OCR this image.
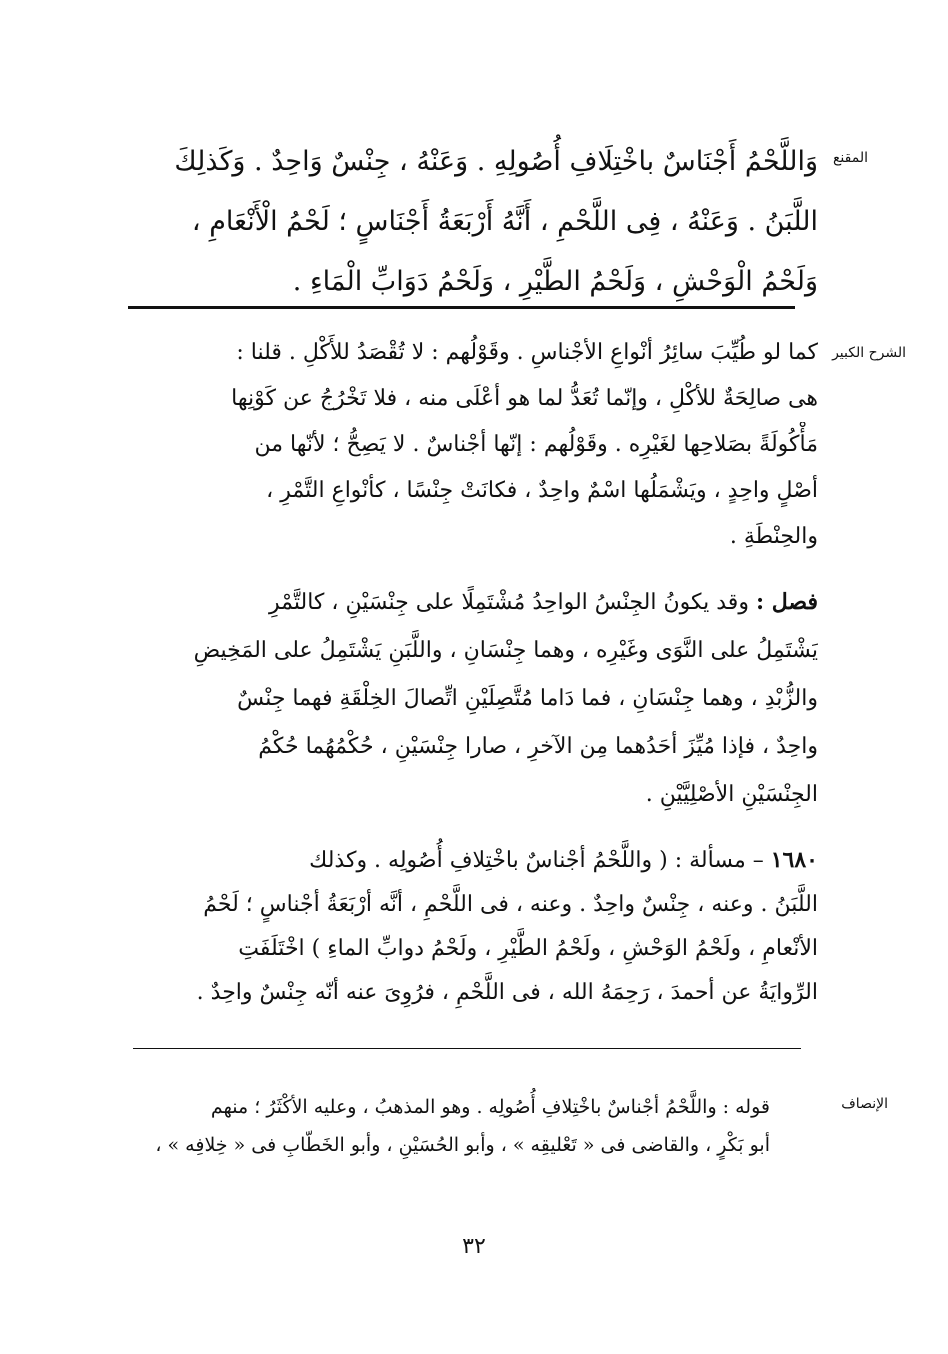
المقنع
وَاللَّحْمُ أَجْنَاسٌ باخْتِلَافِ أُصُولِهِ . وَعَنْهُ ، جِنْسٌ وَاحِدٌ . وَكَذلِكَ
اللَّبَنُ . وَعَنْهُ ، فِى اللَّحْمِ ، أَنَّهُ أَرْبَعَةُ أَجْنَاسٍ ؛ لَحْمُ الْأَنْعَامِ ،
وَلَحْمُ الْوَحْشِ ، وَلَحْمُ الطَّيْرِ ، وَلَحْمُ دَوَابِّ الْمَاءِ .
الشرح الكبير
كما لو طُيِّبَ سائِرُ أنْواعِ الأجْناسِ . وقَوْلُهم : لا تُقْصَدُ للأَكْلِ . قلنا :
هى صالِحَةٌ للأكْلِ ، وإنّما تُعَدُّ لما هو أعْلَى منه ، فلا تَخْرُجُ عن كَوْنِها
مَأْكُولَةً بصَلاحِها لغَيْرِه . وقَوْلُهم : إنّها أجْناسٌ . لا يَصِحُّ ؛ لأنّها من
أصْلٍ واحِدٍ ، ويَشْمَلُها اسْمٌ واحِدٌ ، فكانَتْ جِنْسًا ، كأنْواعِ التَّمْرِ ،
والحِنْطَةِ .
فصل : وقد يكونُ الجِنْسُ الواحِدُ مُشْتَمِلًا على جِنْسَيْنِ ، كالتَّمْرِ
يَشْتَمِلُ على النَّوَى وغَيْرِه ، وهما جِنْسَانِ ، واللَّبَنِ يَشْتَمِلُ على المَخِيضِ
والزُّبْدِ ، وهما جِنْسَانِ ، فما دَاما مُتَّصِلَيْنِ اتِّصالَ الخِلْقَةِ فهما جِنْسٌ
واحِدٌ ، فإذا مُيِّزَ أحَدُهما مِن الآخرِ ، صارا جِنْسَيْنِ ، حُكْمُهُما حُكْمُ
الجِنْسَيْنِ الأصْلِيَّيْنِ .
١٦٨٠ – مسألة : ( واللَّحْمُ أجْناسٌ باخْتِلافِ أُصُولِه . وكذلك
اللَّبَنُ . وعنه ، جِنْسٌ واحِدٌ . وعنه ، فى اللَّحْمِ ، أنَّه أرْبَعَةُ أجْناسٍ ؛ لَحْمُ
الأنْعامِ ، ولَحْمُ الوَحْشِ ، ولَحْمُ الطَّيْرِ ، ولَحْمُ دوابِّ الماءِ ) اخْتَلَفَتِ
الرِّوايَةُ عن أحمدَ ، رَحِمَهُ الله ، فى اللَّحْمِ ، فرُوِىَ عنه أنّه جِنْسٌ واحِدٌ .
الإنصاف
قوله : واللَّحْمُ أجْناسٌ باخْتِلافِ أُصُولِه . وهو المذهبُ ، وعليه الأكْثَرُ ؛ منهم
أبو بَكْرٍ ، والقاضى فى « تَعْليقِه » ، وأبو الحُسَيْنِ ، وأبو الخَطّابِ فى « خِلافِه » ،
٣٢
